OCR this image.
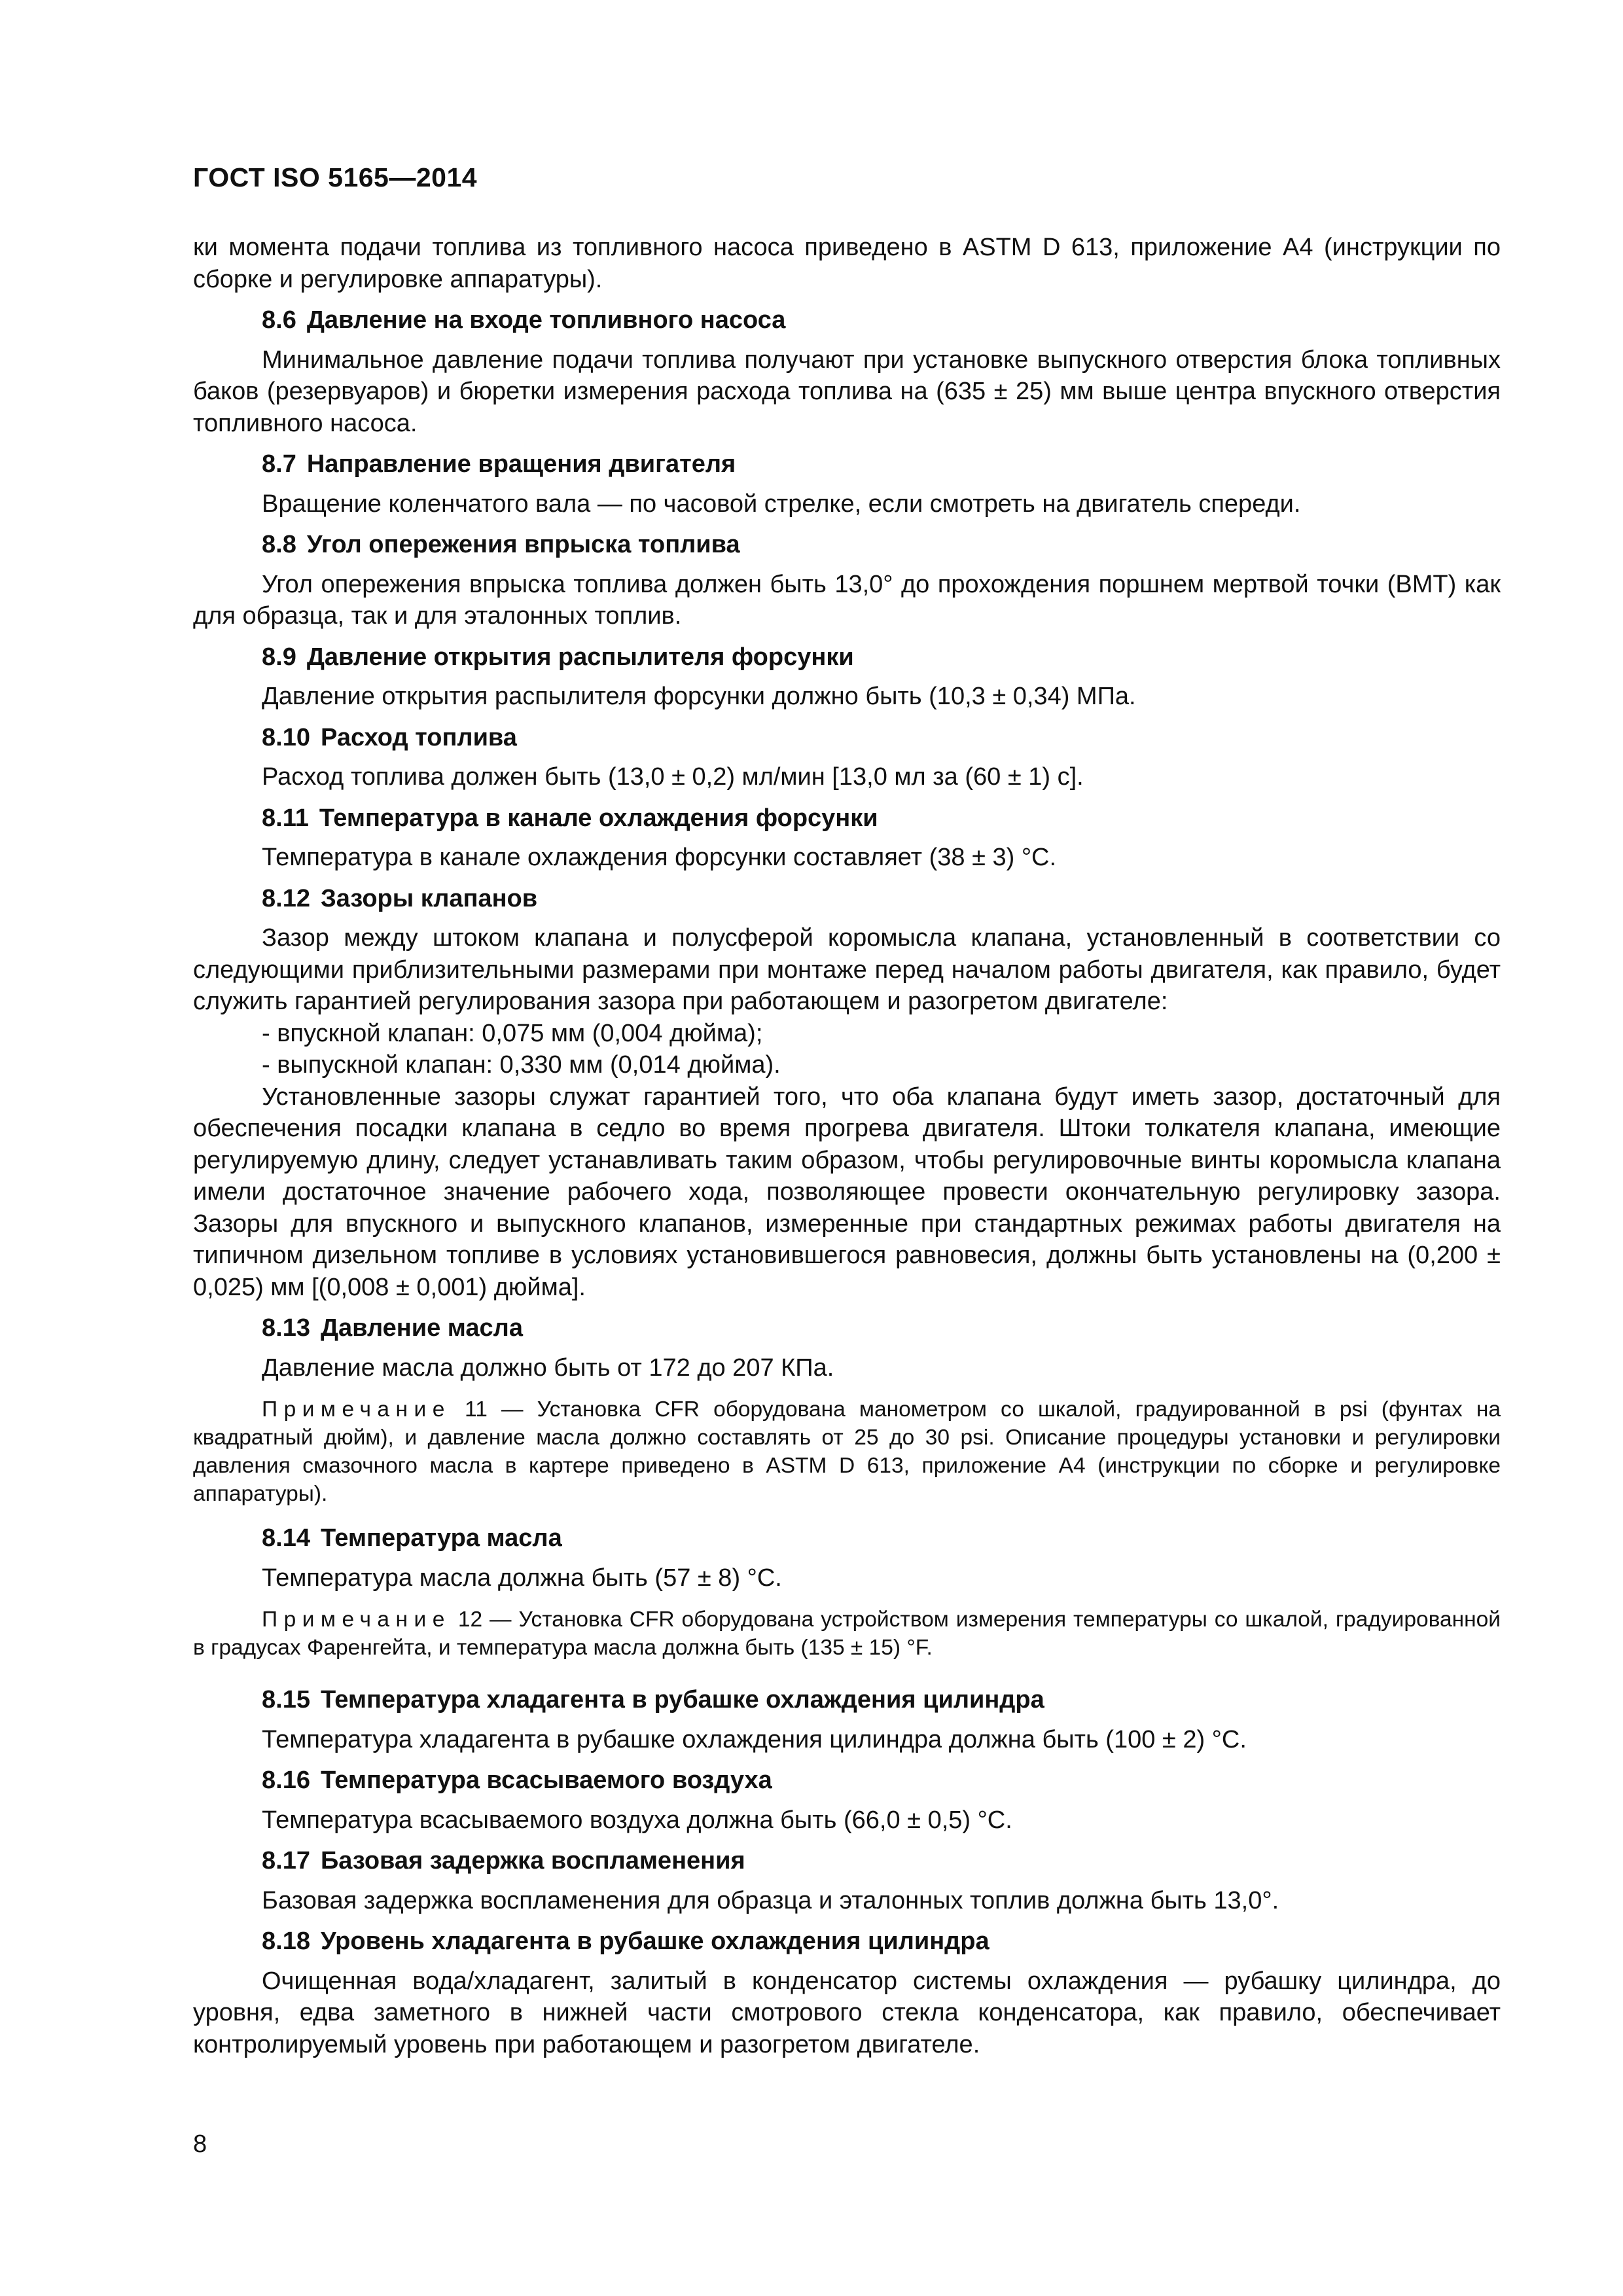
ГОСТ ISO 5165—2014

ки момента подачи топлива из топливного насоса приведено в ASTM D 613, приложение А4 (инструкции по сборке и регулировке аппаратуры).

8.6 Давление на входе топливного насоса

Минимальное давление подачи топлива получают при установке выпускного отверстия блока топливных баков (резервуаров) и бюретки измерения расхода топлива на (635 ± 25) мм выше центра впускного отверстия топливного насоса.

8.7 Направление вращения двигателя

Вращение коленчатого вала — по часовой стрелке, если смотреть на двигатель спереди.

8.8 Угол опережения впрыска топлива

Угол опережения впрыска топлива должен быть 13,0° до прохождения поршнем мертвой точки (ВМТ) как для образца, так и для эталонных топлив.

8.9 Давление открытия распылителя форсунки

Давление открытия распылителя форсунки должно быть (10,3 ± 0,34) МПа.

8.10 Расход топлива

Расход топлива должен быть (13,0 ± 0,2) мл/мин [13,0 мл за (60 ± 1) с].

8.11 Температура в канале охлаждения форсунки

Температура в канале охлаждения форсунки составляет (38 ± 3) °С.

8.12 Зазоры клапанов

Зазор между штоком клапана и полусферой коромысла клапана, установленный в соответствии со следующими приблизительными размерами при монтаже перед началом работы двигателя, как правило, будет служить гарантией регулирования зазора при работающем и разогретом двигателе:

- впускной клапан: 0,075 мм (0,004 дюйма);

- выпускной клапан: 0,330 мм (0,014 дюйма).

Установленные зазоры служат гарантией того, что оба клапана будут иметь зазор, достаточный для обеспечения посадки клапана в седло во время прогрева двигателя. Штоки толкателя клапана, имеющие регулируемую длину, следует устанавливать таким образом, чтобы регулировочные винты коромысла клапана имели достаточное значение рабочего хода, позволяющее провести окончательную регулировку зазора. Зазоры для впускного и выпускного клапанов, измеренные при стандартных режимах работы двигателя на типичном дизельном топливе в условиях установившегося равновесия, должны быть установлены на (0,200 ± 0,025) мм [(0,008 ± 0,001) дюйма].

8.13 Давление масла

Давление масла должно быть от 172 до 207 КПа.

Примечание 11 — Установка CFR оборудована манометром со шкалой, градуированной в psi (фунтах на квадратный дюйм), и давление масла должно составлять от 25 до 30 psi. Описание процедуры установки и регулировки давления смазочного масла в картере приведено в ASTM D 613, приложение А4 (инструкции по сборке и регулировке аппаратуры).

8.14 Температура масла

Температура масла должна быть (57 ± 8) °С.

Примечание 12 — Установка CFR оборудована устройством измерения температуры со шкалой, градуированной в градусах Фаренгейта, и температура масла должна быть (135 ± 15) °F.

8.15 Температура хладагента в рубашке охлаждения цилиндра

Температура хладагента в рубашке охлаждения цилиндра должна быть (100 ± 2) °С.

8.16 Температура всасываемого воздуха

Температура всасываемого воздуха должна быть (66,0 ± 0,5) °С.

8.17 Базовая задержка воспламенения

Базовая задержка воспламенения для образца и эталонных топлив должна быть 13,0°.

8.18 Уровень хладагента в рубашке охлаждения цилиндра

Очищенная вода/хладагент, залитый в конденсатор системы охлаждения — рубашку цилиндра, до уровня, едва заметного в нижней части смотрового стекла конденсатора, как правило, обеспечивает контролируемый уровень при работающем и разогретом двигателе.

8
